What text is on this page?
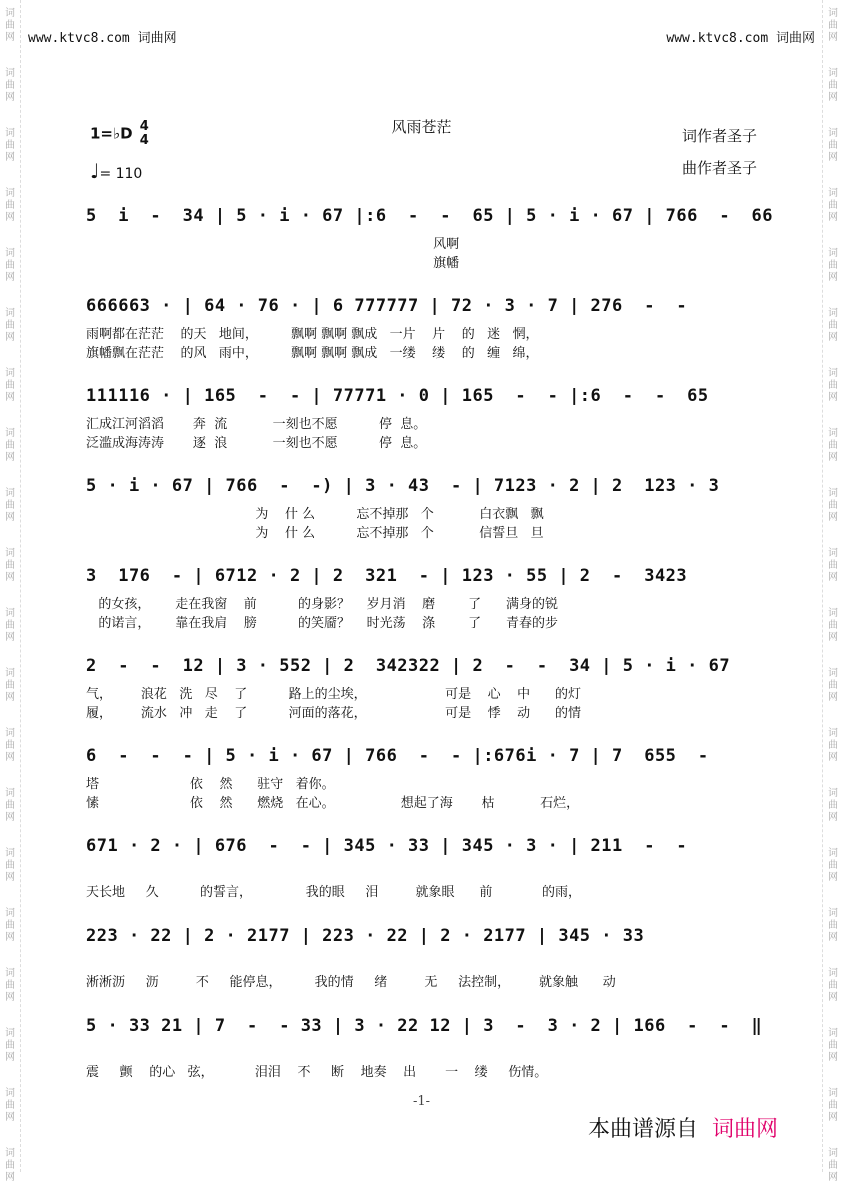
词
曲
网
词
曲
网
词
曲
网
词
曲
网
词
曲
网
词
曲
网
词
曲
网
词
曲
网
词
曲
网
词
曲
网
词
曲
网
词
曲
网
词
曲
网
词
曲
网
词
曲
网
词
曲
网
词
曲
网
词
曲
网
词
曲
网
词
曲
网
词
曲
网
词
曲
网
词
曲
网
词
曲
网
词
曲
网
词
曲
网
词
曲
网
词
曲
网
词
曲
网
词
曲
网
词
曲
网
词
曲
网
词
曲
网
词
曲
网
词
曲
网
词
曲
网
词
曲
网
词
曲
网
词
曲
网
词
曲
网
www.ktvc8.com 词曲网	www.ktvc8.com 词曲网
1=♭D 4
4
风雨苍茫	词作者圣子
♩= 110	曲作者圣子
5  i  -  34 | 5 · i · 67 |:6  -  -  65 | 5 · i · 67 | 766  -  66
风啊
旗幡
666663 · | 64 · 76 · | 6 777777 | 72 · 3 · 7 | 276  -  -
雨啊都在茫茫    的天   地间，        飘啊 飘啊 飘成   一片    片    的   迷   惘，
旗幡飘在茫茫    的风   雨中，        飘啊 飘啊 飘成   一缕    缕    的   缠   绵，
111116 · | 165  -  - | 77771 · 0 | 165  -  - |:6  -  -  65
汇成江河滔滔       奔  流           一刻也不愿          停  息。
泛滥成海涛涛       逐  浪           一刻也不愿          停  息。
5 · i · 67 | 766  -  -) | 3 · 43  - | 7123 · 2 | 2  123 · 3
为    什 么          忘不掉那   个           白衣飘   飘
为    什 么          忘不掉那   个           信誓旦   旦
3  176  - | 6712 · 2 | 2  321  - | 123 · 55 | 2  -  3423
的女孩，      走在我窗    前          的身影？    岁月消    磨        了      满身的锐
的诺言，      靠在我肩    膀          的笑靥？    时光荡    涤        了      青春的步
2  -  -  12 | 3 · 552 | 2  342322 | 2  -  -  34 | 5 · i · 67
气，       浪花   洗   尽    了          路上的尘埃，                   可是    心    中      的灯
履，       流水   冲   走    了          河面的落花，                   可是    悸    动      的情
6  -  -  - | 5 · i · 67 | 766  -  - |:676i · 7 | 7  655  -
塔                      依    然      驻守   着你。
愫                      依    然      燃烧   在心。                想起了海       枯           石烂，
671 · 2 · | 676  -  - | 345 · 33 | 345 · 3 · | 211  -  -
天长地     久          的誓言，             我的眼     泪         就象眼      前            的雨，
223 · 22 | 2 · 2177 | 223 · 22 | 2 · 2177 | 345 · 33
淅淅沥     沥         不     能停息，        我的情     绪         无     法控制，       就象触      动
5 · 33 21 | 7  -  - 33 | 3 · 22 12 | 3  -  3 · 2 | 166  -  -  ‖
震     颤    的心   弦，          泪泪    不     断    地奏    出       一    缕     伤情。
-1-
本曲谱源自 词曲网
